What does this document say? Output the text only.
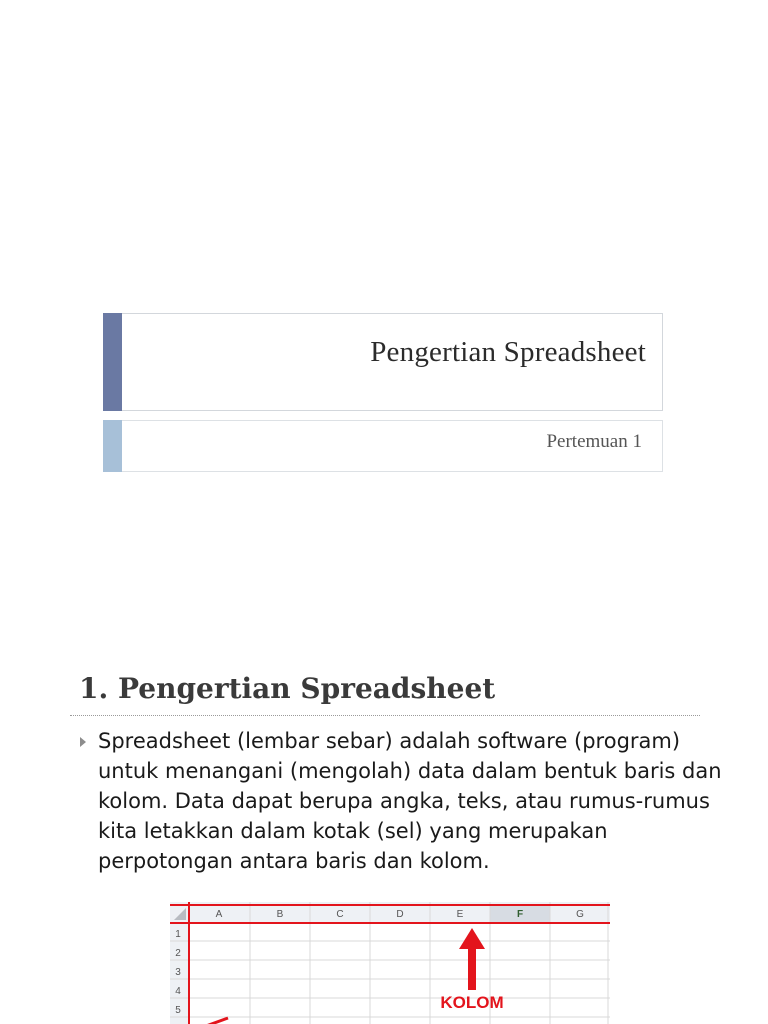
Pengertian Spreadsheet
Pertemuan 1
1. Pengertian Spreadsheet

Spreadsheet (lembar sebar) adalah software (program)
untuk menangani (mengolah) data dalam bentuk baris dan
kolom. Data dapat berupa angka, teks, atau rumus-rumus
kita letakkan dalam kotak (sel) yang merupakan
perpotongan antara baris dan kolom.

A	B	C	D	E	F	G
1
2
3
4
5	KOLOM
